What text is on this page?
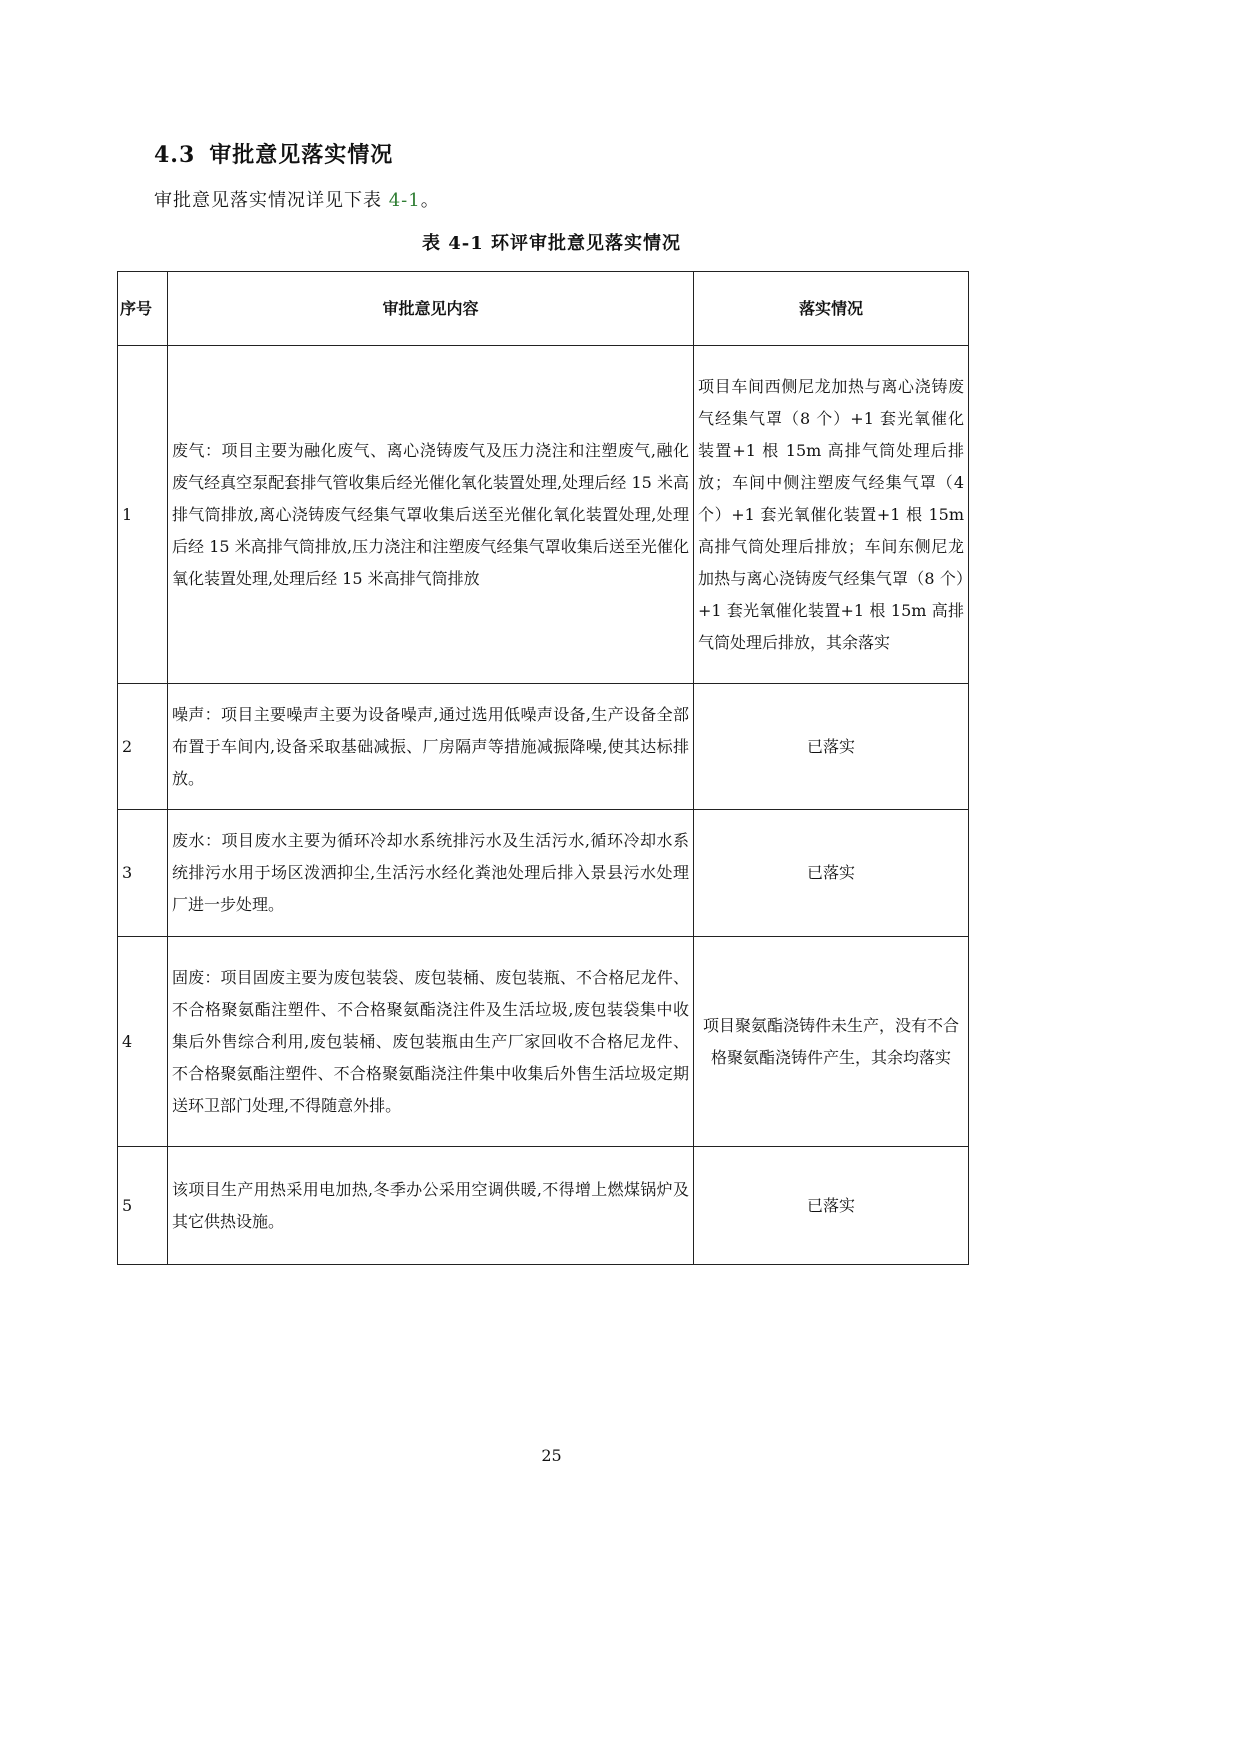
4.3 审批意见落实情况
审批意见落实情况详见下表 4-1。
表 4-1 环评审批意见落实情况
序号	审批意见内容	落实情况
1	废气：项目主要为融化废气、离心浇铸废气及压力浇注和注塑废气,融化废气经真空泵配套排气管收集后经光催化氧化装置处理,处理后经 15 米高排气筒排放,离心浇铸废气经集气罩收集后送至光催化氧化装置处理,处理后经 15 米高排气筒排放,压力浇注和注塑废气经集气罩收集后送至光催化氧化装置处理,处理后经 15 米高排气筒排放	项目车间西侧尼龙加热与离心浇铸废气经集气罩（8 个）+1 套光氧催化装置+1 根 15m 高排气筒处理后排放；车间中侧注塑废气经集气罩（4 个）+1 套光氧催化装置+1 根 15m 高排气筒处理后排放；车间东侧尼龙加热与离心浇铸废气经集气罩（8 个）+1 套光氧催化装置+1 根 15m 高排气筒处理后排放，其余落实
2	噪声：项目主要噪声主要为设备噪声,通过选用低噪声设备,生产设备全部布置于车间内,设备采取基础减振、厂房隔声等措施减振降噪,使其达标排放。	已落实
3	废水：项目废水主要为循环冷却水系统排污水及生活污水,循环冷却水系统排污水用于场区泼洒抑尘,生活污水经化粪池处理后排入景县污水处理厂进一步处理。	已落实
4	固废：项目固废主要为废包装袋、废包装桶、废包装瓶、不合格尼龙件、不合格聚氨酯注塑件、不合格聚氨酯浇注件及生活垃圾,废包装袋集中收集后外售综合利用,废包装桶、废包装瓶由生产厂家回收不合格尼龙件、不合格聚氨酯注塑件、不合格聚氨酯浇注件集中收集后外售生活垃圾定期送环卫部门处理,不得随意外排。	项目聚氨酯浇铸件未生产，没有不合格聚氨酯浇铸件产生，其余均落实
5	该项目生产用热采用电加热,冬季办公采用空调供暖,不得增上燃煤锅炉及其它供热设施。	已落实
25
